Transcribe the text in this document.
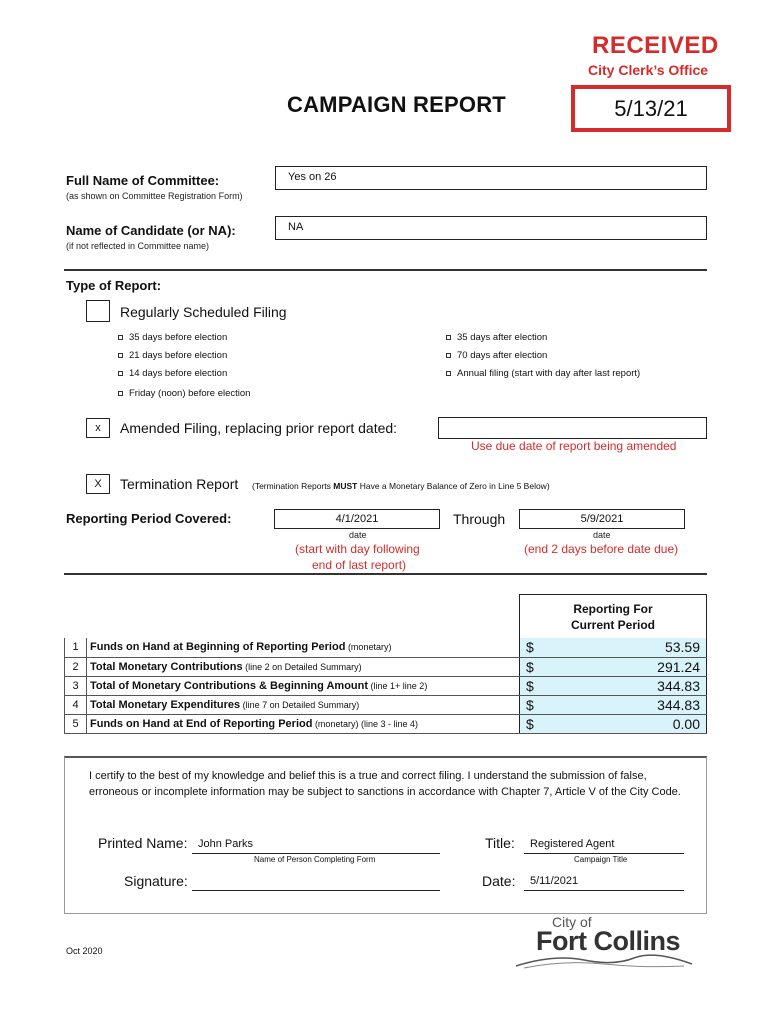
CAMPAIGN REPORT
RECEIVED
City Clerk’s Office
5/13/21
Full Name of Committee:
(as shown on Committee Registration Form)
Yes on 26
Name of Candidate (or NA):
(if not reflected in Committee name)
NA
Type of Report:
Regularly Scheduled Filing
35 days before election
21 days before election
14 days before election
Friday (noon) before election
35 days after election
70 days after election
Annual filing (start with day after last report)
x	Amended Filing, replacing prior report dated:
Use due date of report being amended
X	Termination Report (Termination Reports MUST Have a Monetary Balance of Zero in Line 5 Below)
Reporting Period Covered:	4/1/2021
date
Through	5/9/2021
date
(start with day following
end of last report)
(end 2 days before date due)
Reporting For
Current Period
1	Funds on Hand at Beginning of Reporting Period (monetary)	$ 53.59

2	Total Monetary Contributions (line 2 on Detailed Summary)	$ 291.24

3	Total of Monetary Contributions & Beginning Amount (line 1+ line 2)	$ 344.83

4	Total Monetary Expenditures (line 7 on Detailed Summary)	$ 344.83

5	Funds on Hand at End of Reporting Period (monetary) (line 3 - line 4)	$ 0.00
I certify to the best of my knowledge and belief this is a true and correct filing. I understand the submission of false, erroneous or incomplete information may be subject to sanctions in accordance with Chapter 7, Article V of the City Code.
Printed Name: John Parks
Name of Person Completing Form
Title:	Registered Agent
Campaign Title
Signature:	Date:	5/11/2021
Oct 2020
City of
Fort Collins
